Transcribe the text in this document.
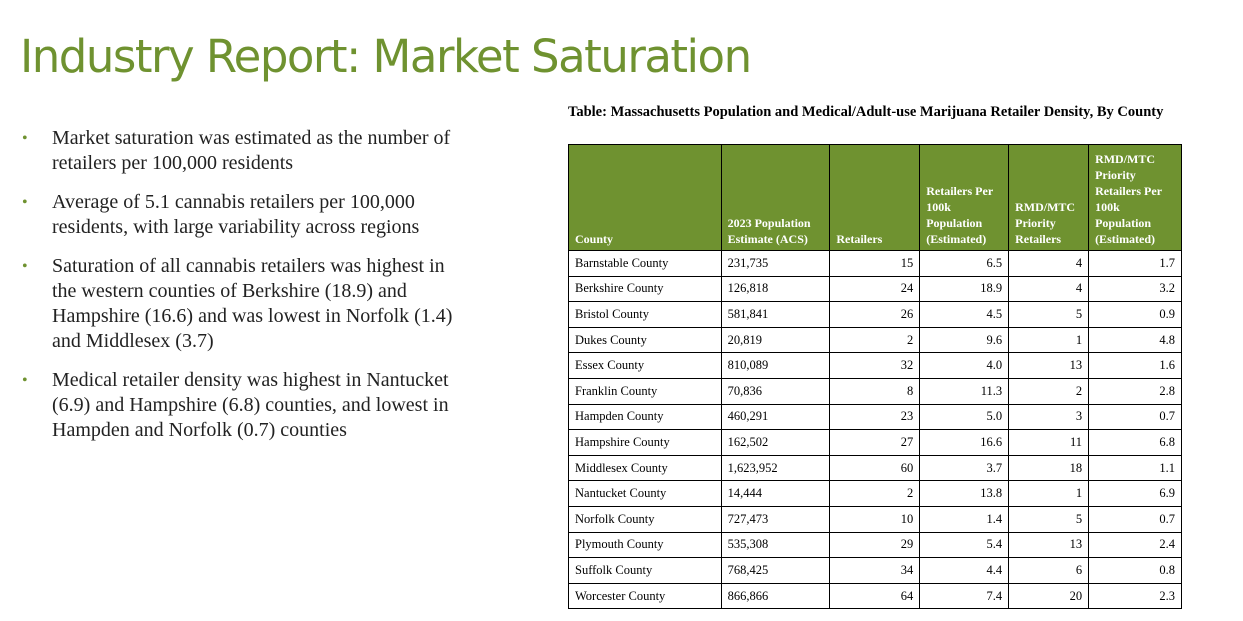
Industry Report: Market Saturation
• Market saturation was estimated as the number of retailers per 100,000 residents
• Average of 5.1 cannabis retailers per 100,000 residents, with large variability across regions
• Saturation of all cannabis retailers was highest in the western counties of Berkshire (18.9) and Hampshire (16.6) and was lowest in Norfolk (1.4) and Middlesex (3.7)
• Medical retailer density was highest in Nantucket (6.9) and Hampshire (6.8) counties, and lowest in Hampden and Norfolk (0.7) counties
Table: Massachusetts Population and Medical/Adult-use Marijuana Retailer Density, By County
County	2023 Population Estimate (ACS)	Retailers	Retailers Per 100k Population (Estimated)	RMD/MTC Priority Retailers	RMD/MTC Priority Retailers Per 100k Population (Estimated)
Barnstable County	231,735	15	6.5	4	1.7
Berkshire County	126,818	24	18.9	4	3.2
Bristol County	581,841	26	4.5	5	0.9
Dukes County	20,819	2	9.6	1	4.8
Essex County	810,089	32	4.0	13	1.6
Franklin County	70,836	8	11.3	2	2.8
Hampden County	460,291	23	5.0	3	0.7
Hampshire County	162,502	27	16.6	11	6.8
Middlesex County	1,623,952	60	3.7	18	1.1
Nantucket County	14,444	2	13.8	1	6.9
Norfolk County	727,473	10	1.4	5	0.7
Plymouth County	535,308	29	5.4	13	2.4
Suffolk County	768,425	34	4.4	6	0.8
Worcester County	866,866	64	7.4	20	2.3
